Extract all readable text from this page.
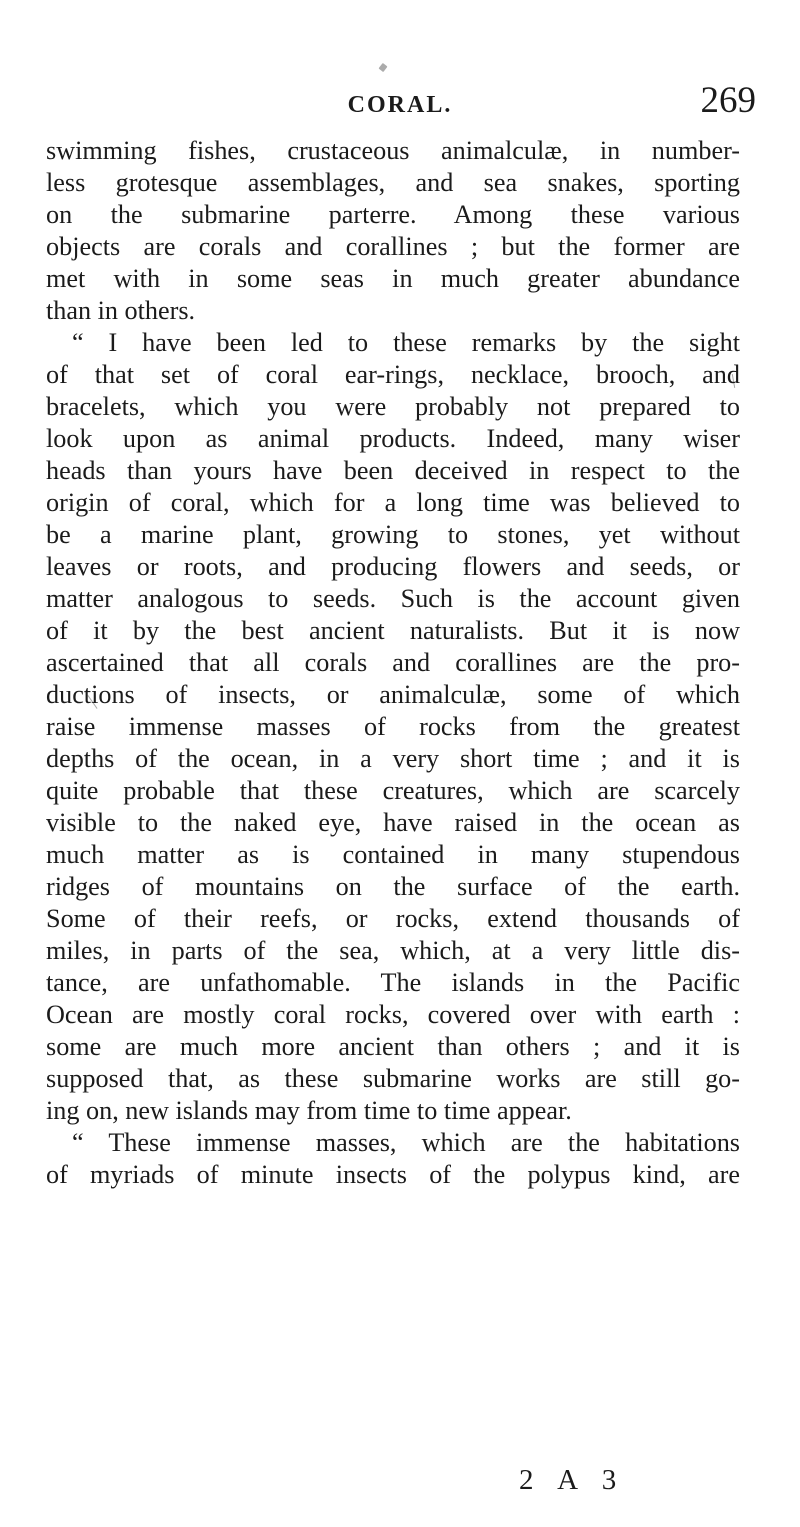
CORAL.	269
swimming fishes, crustaceous animalculæ, in number-
less grotesque assemblages, and sea snakes, sporting
on the submarine parterre. Among these various
objects are corals and corallines ; but the former are
met with in some seas in much greater abundance
than in others.
“ I have been led to these remarks by the sight
of that set of coral ear-rings, necklace, brooch, and
bracelets, which you were probably not prepared to
look upon as animal products. Indeed, many wiser
heads than yours have been deceived in respect to the
origin of coral, which for a long time was believed to
be a marine plant, growing to stones, yet without
leaves or roots, and producing flowers and seeds, or
matter analogous to seeds. Such is the account given
of it by the best ancient naturalists. But it is now
ascertained that all corals and corallines are the pro-
ductions of insects, or animalculæ, some of which
raise immense masses of rocks from the greatest
depths of the ocean, in a very short time ; and it is
quite probable that these creatures, which are scarcely
visible to the naked eye, have raised in the ocean as
much matter as is contained in many stupendous
ridges of mountains on the surface of the earth.
Some of their reefs, or rocks, extend thousands of
miles, in parts of the sea, which, at a very little dis-
tance, are unfathomable. The islands in the Pacific
Ocean are mostly coral rocks, covered over with earth :
some are much more ancient than others ; and it is
supposed that, as these submarine works are still go-
ing on, new islands may from time to time appear.
“ These immense masses, which are the habitations
of myriads of minute insects of the polypus kind, are
2 A 3
